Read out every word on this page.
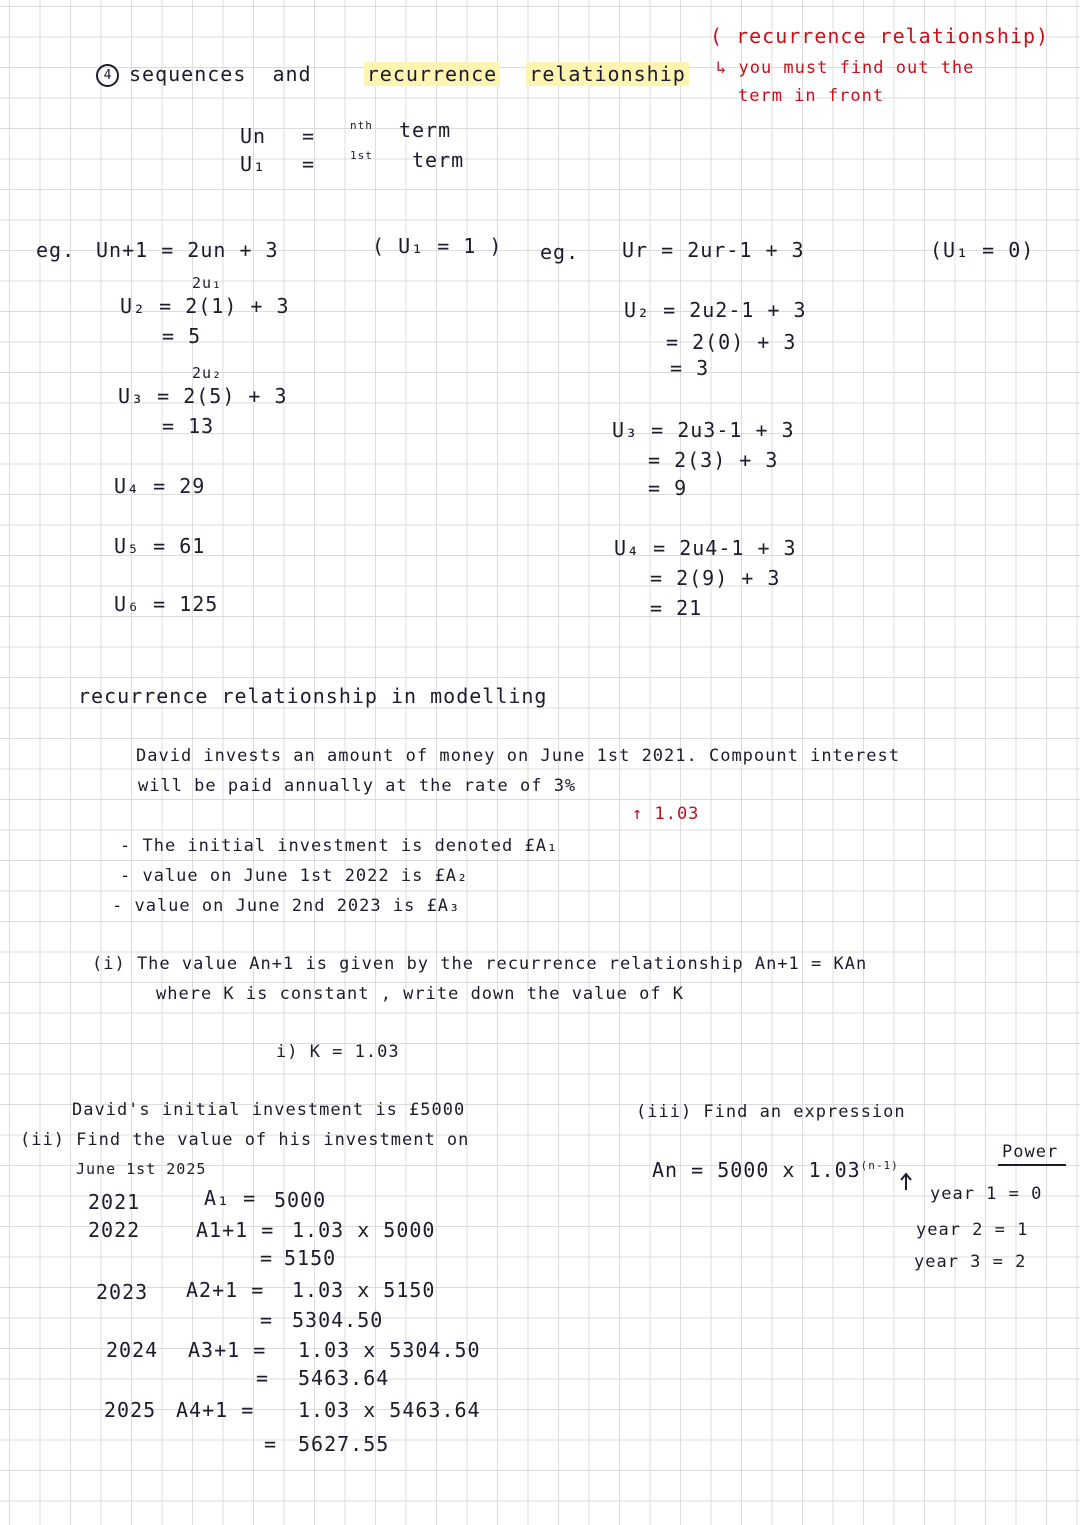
4 sequences and	recurrence relationship
( recurrence relationship)
↳ you must find out the
term in front
Un =	$^{nth}$ term
U₁ =	$^{1st}$ term
eg. Un+1 = 2un + 3
2u₁
U₂ = 2(1) + 3
= 5
2u₂
U₃ = 2(5) + 3
= 13
U₄ = 29
U₅ = 61
U₆ = 125
( U₁ = 1 ) eg. Ur = 2ur-1 + 3
U₂ = 2u2-1 + 3
= 2(0) + 3
= 3
U₃ = 2u3-1 + 3
= 2(3) + 3
= 9
U₄ = 2u4-1 + 3
= 2(9) + 3
= 21
(U₁ = 0)
recurrence relationship in modelling
David invests an amount of money on June 1st 2021. Compount interest
will be paid annually at the rate of 3%
↑ 1.03
- The initial investment is denoted £A₁
- value on June 1st 2022 is £A₂
- value on June 2nd 2023 is £A₃
(i) The value An+1 is given by the recurrence relationship An+1 = KAn
where K is constant , write down the value of K
i) K = 1.03
David's initial investment is £5000
(ii) Find the value of his investment on
June 1st 2025
2021	A₁ = 5000
2022	A1+1 = 1.03 x 5000
= 5150
2023 A2+1 = 1.03 x 5150
= 5304.50
2024 A3+1 = 1.03 x 5304.50
= 5463.64
2025 A4+1 = 1.03 x 5463.64
= 5627.55
(iii) Find an expression
An = 5000 x 1.03$^{(n-1)}$
Power
year 1 = 0
year 2 = 1
year 3 = 2
